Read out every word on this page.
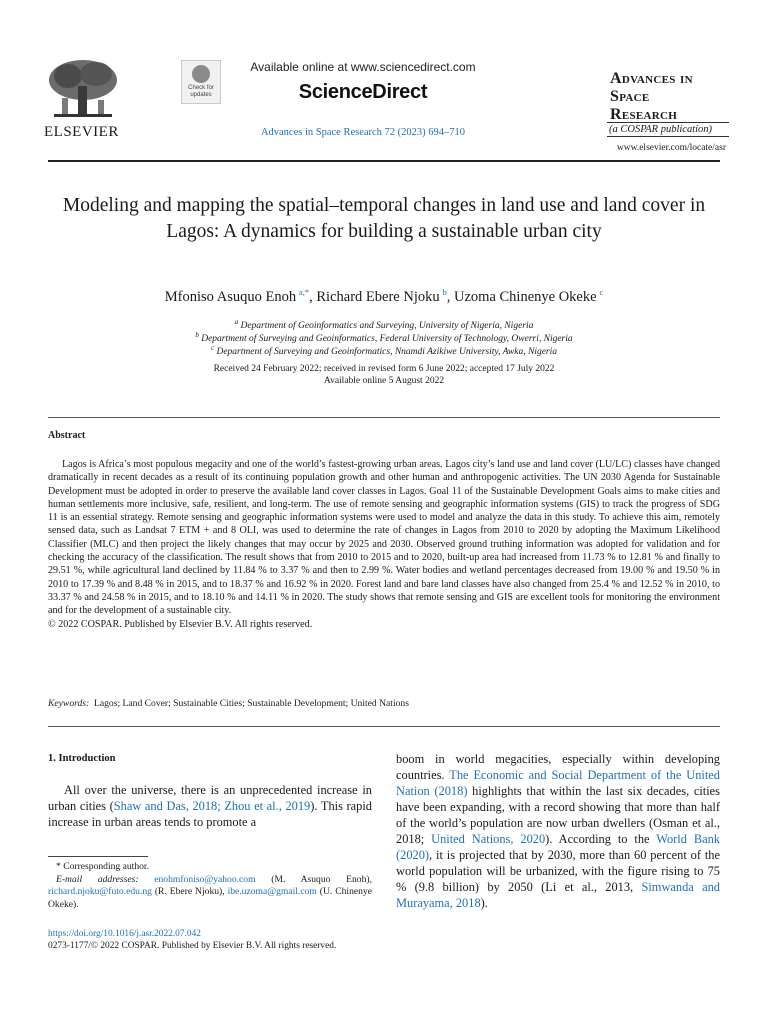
ELSEVIER
Check for updates
Available online at www.sciencedirect.com
ScienceDirect
Advances in Space Research 72 (2023) 694–710
Advances in
Space
Research
(a COSPAR publication)
www.elsevier.com/locate/asr
Modeling and mapping the spatial–temporal changes in land use and land cover in Lagos: A dynamics for building a sustainable urban city
Mfoniso Asuquo Enoh  $^{a,*}$, Richard Ebere Njoku  $^b$, Uzoma Chinenye Okeke  $^c$
$^a$ Department of Geoinformatics and Surveying, University of Nigeria, Nigeria
$^b$ Department of Surveying and Geoinformatics, Federal University of Technology, Owerri, Nigeria
$^c$ Department of Surveying and Geoinformatics, Nnamdi Azikiwe University, Awka, Nigeria
Received 24 February 2022; received in revised form 6 June 2022; accepted 17 July 2022
Available online 5 August 2022
Abstract

Lagos is Africa’s most populous megacity and one of the world’s fastest-growing urban areas. Lagos city’s land use and land cover (LU/LC) classes have changed dramatically in recent decades as a result of its continuing population growth and other human and anthropogenic activities. The UN 2030 Agenda for Sustainable Development must be adopted in order to preserve the available land cover classes in Lagos. Goal 11 of the Sustainable Development Goals aims to make cities and human settlements more inclusive, safe, resilient, and long-term. The use of remote sensing and geographic information systems (GIS) to track the progress of SDG 11 is an essential strategy. Remote sensing and geographic information systems were used to model and analyze the data in this study. To achieve this aim, remotely sensed data, such as Landsat 7 ETM + and 8 OLI, was used to determine the rate of changes in Lagos from 2010 to 2020 by adopting the Maximum Likelihood Classifier (MLC) and then project the likely changes that may occur by 2025 and 2030. Observed ground truthing information was adopted for validation and for checking the accuracy of the classification. The result shows that from 2010 to 2015 and to 2020, built-up area had increased from 11.73 % to 12.81 % and finally to 29.51 %, while agricultural land declined by 11.84 % to 3.37 % and then to 2.99 %. Water bodies and wetland percentages decreased from 19.00 % and 19.50 % in 2010 to 17.39 % and 8.48 % in 2015, and to 18.37 % and 16.92 % in 2020. Forest land and bare land classes have also changed from 25.4 % and 12.52 % in 2010, to 33.37 % and 24.58 % in 2015, and to 18.10 % and 14.11 % in 2020. The study shows that remote sensing and GIS are excellent tools for monitoring the environment and for the development of a sustainable city.

© 2022 COSPAR. Published by Elsevier B.V. All rights reserved.

Keywords: Lagos; Land Cover; Sustainable Cities; Sustainable Development; United Nations
1. Introduction

All over the universe, there is an unprecedented increase in urban cities (Shaw and Das, 2018; Zhou et al., 2019). This rapid increase in urban areas tends to promote a

boom in world megacities, especially within developing countries. The Economic and Social Department of the United Nation (2018) highlights that within the last six decades, cities have been expanding, with a record showing that more than half of the world’s population are now urban dwellers (Osman et al., 2018; United Nations, 2020). According to the World Bank (2020), it is projected that by 2030, more than 60 percent of the world population will be urbanized, with the figure rising to 75 % (9.8 billion) by 2050 (Li et al., 2013, Simwanda and Murayama, 2018).

* Corresponding author.

E-mail addresses: enohmfoniso@yahoo.com (M. Asuquo Enoh), richard.njoku@futo.edu.ng (R. Ebere Njoku), ibe.uzoma@gmail.com (U. Chinenye Okeke).

https://doi.org/10.1016/j.asr.2022.07.042
0273-1177/© 2022 COSPAR. Published by Elsevier B.V. All rights reserved.
